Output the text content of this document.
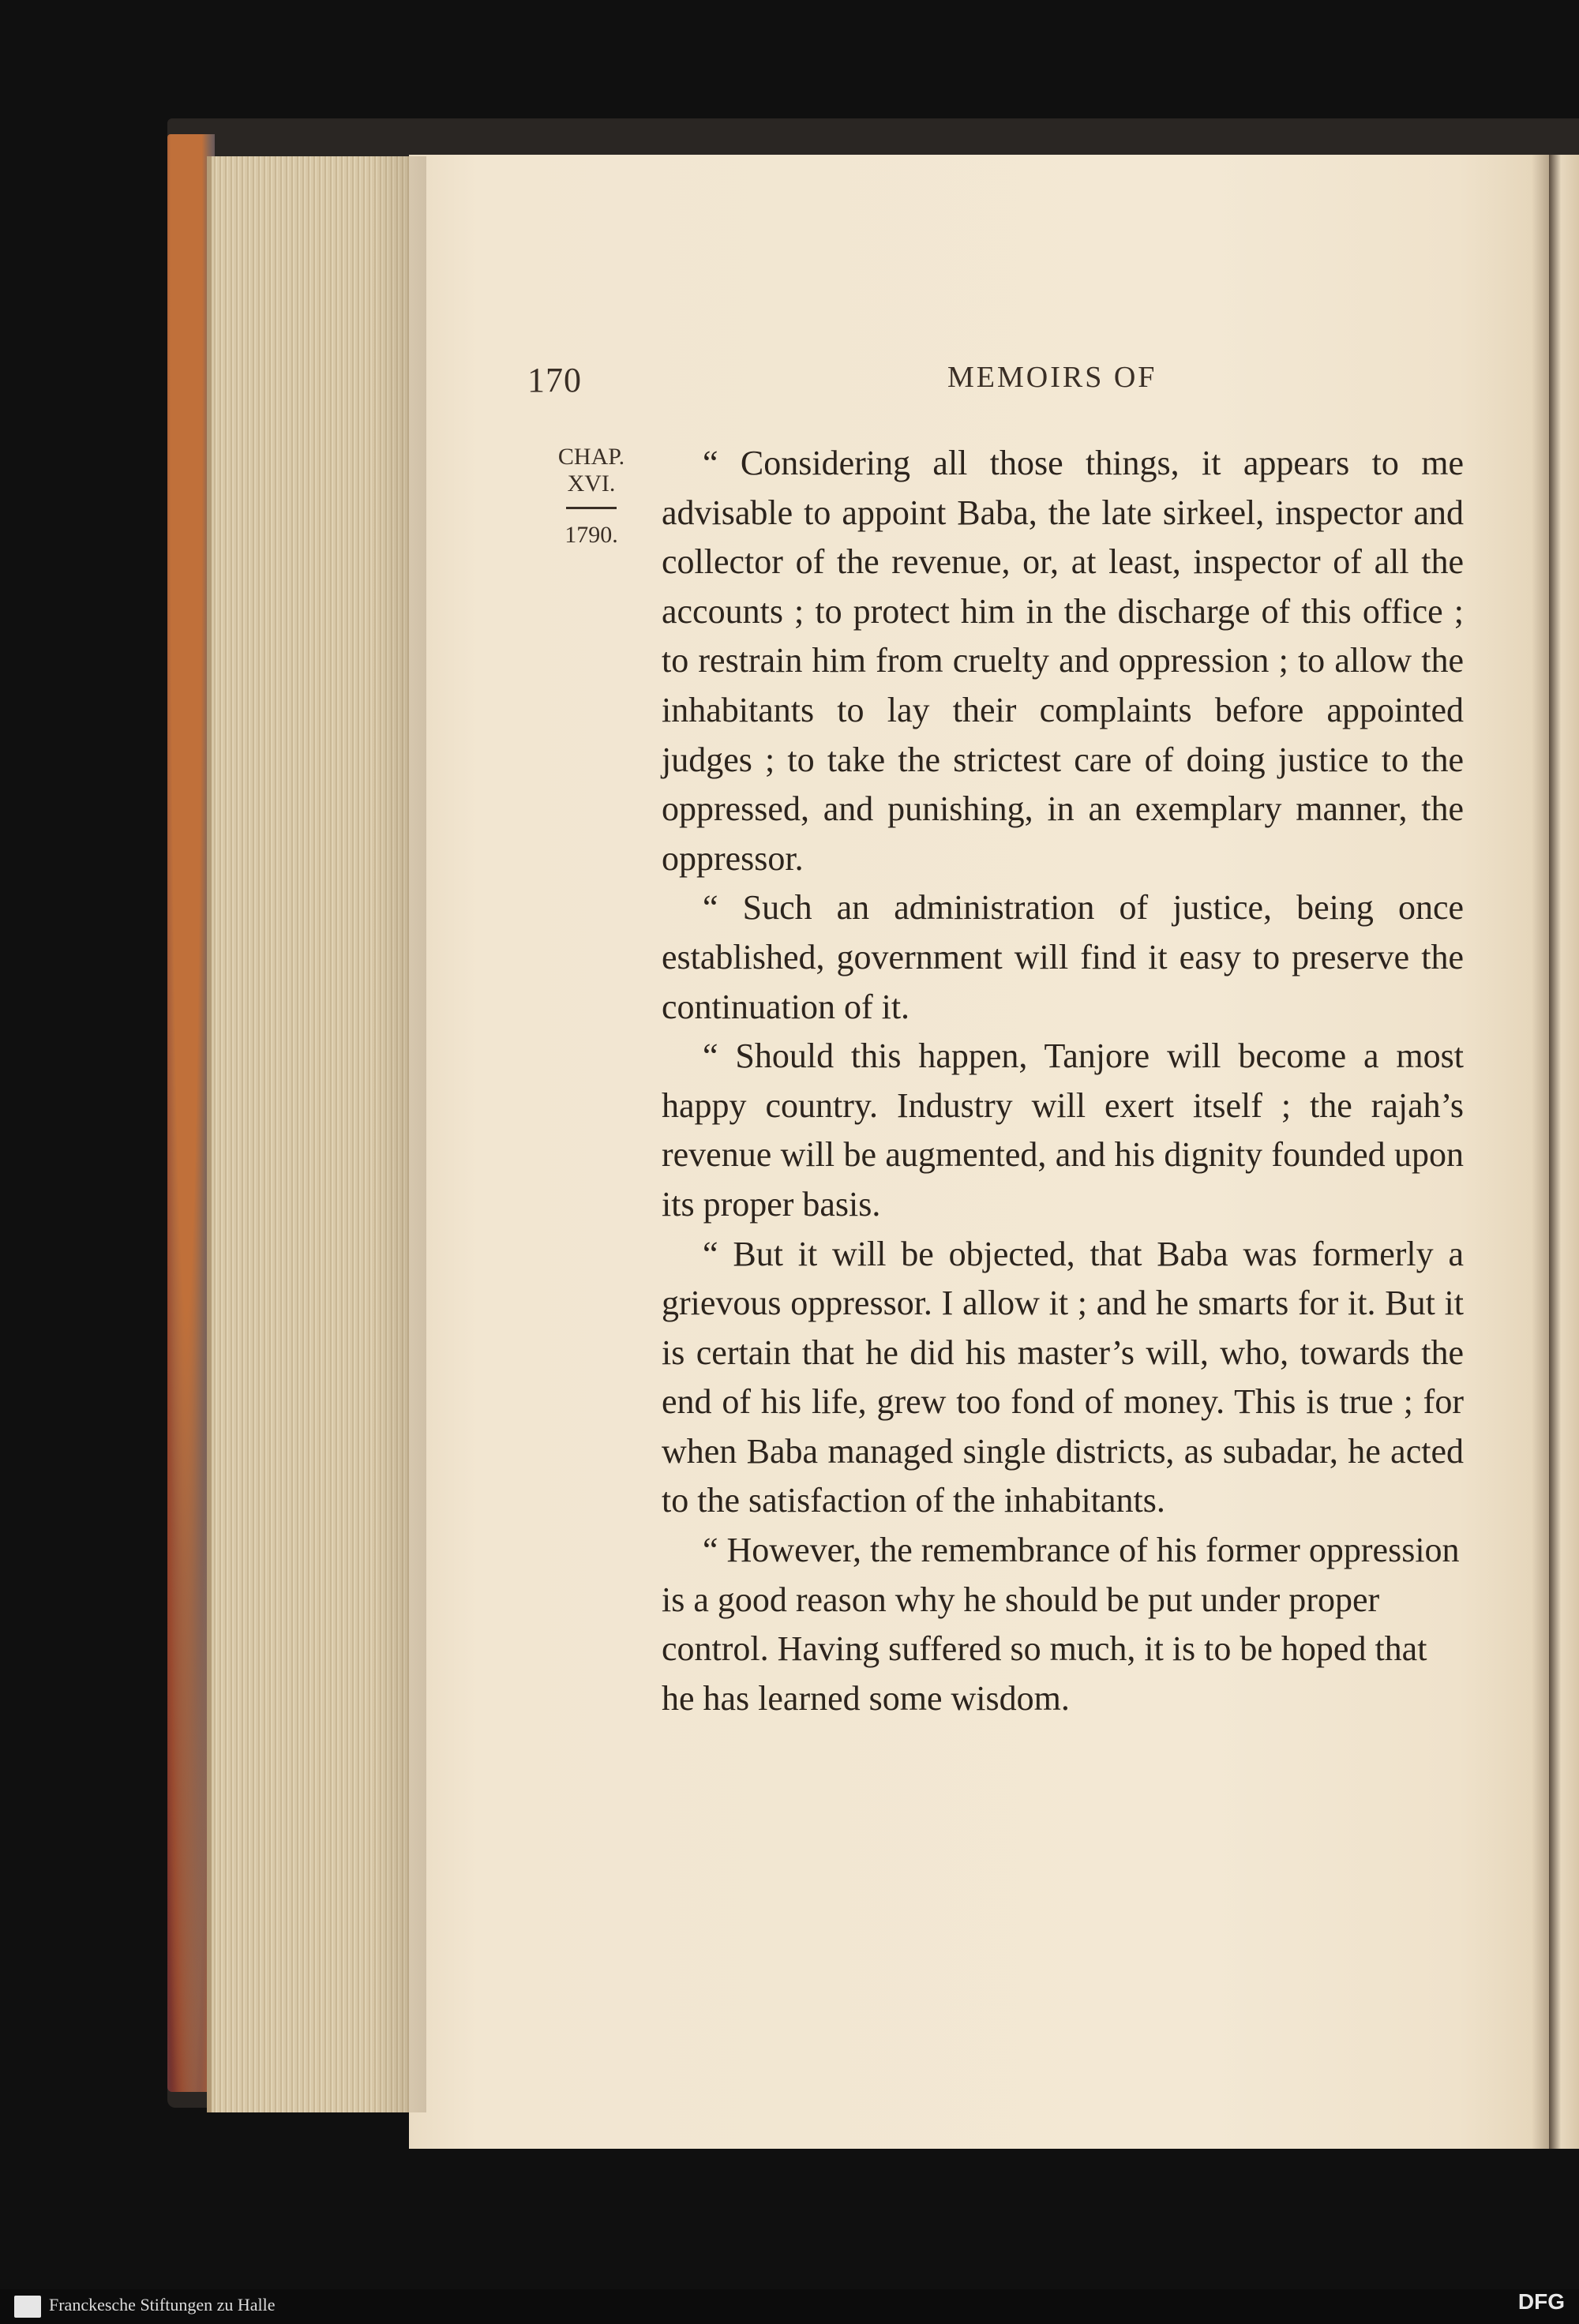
170	MEMOIRS OF
CHAP.
XVI.
1790.

“ Considering all those things, it appears to me advisable to appoint Baba, the late sirkeel, inspector and collector of the revenue, or, at least, inspector of all the accounts ; to protect him in the discharge of this office ; to restrain him from cruelty and oppression ; to allow the inhabitants to lay their complaints before appointed judges ; to take the strictest care of doing justice to the oppressed, and punishing, in an exemplary manner, the oppressor.

“ Such an administration of justice, being once established, government will find it easy to preserve the continuation of it.

“ Should this happen, Tanjore will become a most happy country. Industry will exert itself ; the rajah’s revenue will be augmented, and his dignity founded upon its proper basis.

“ But it will be objected, that Baba was formerly a grievous oppressor. I allow it ; and he smarts for it. But it is certain that he did his master’s will, who, towards the end of his life, grew too fond of money. This is true ; for when Baba managed single districts, as subadar, he acted to the satisfaction of the inhabitants.

“ However, the remembrance of his former oppression is a good reason why he should be put under proper control. Having suffered so much, it is to be hoped that he has learned some wisdom.

Franckesche Stiftungen zu Halle	DFG
